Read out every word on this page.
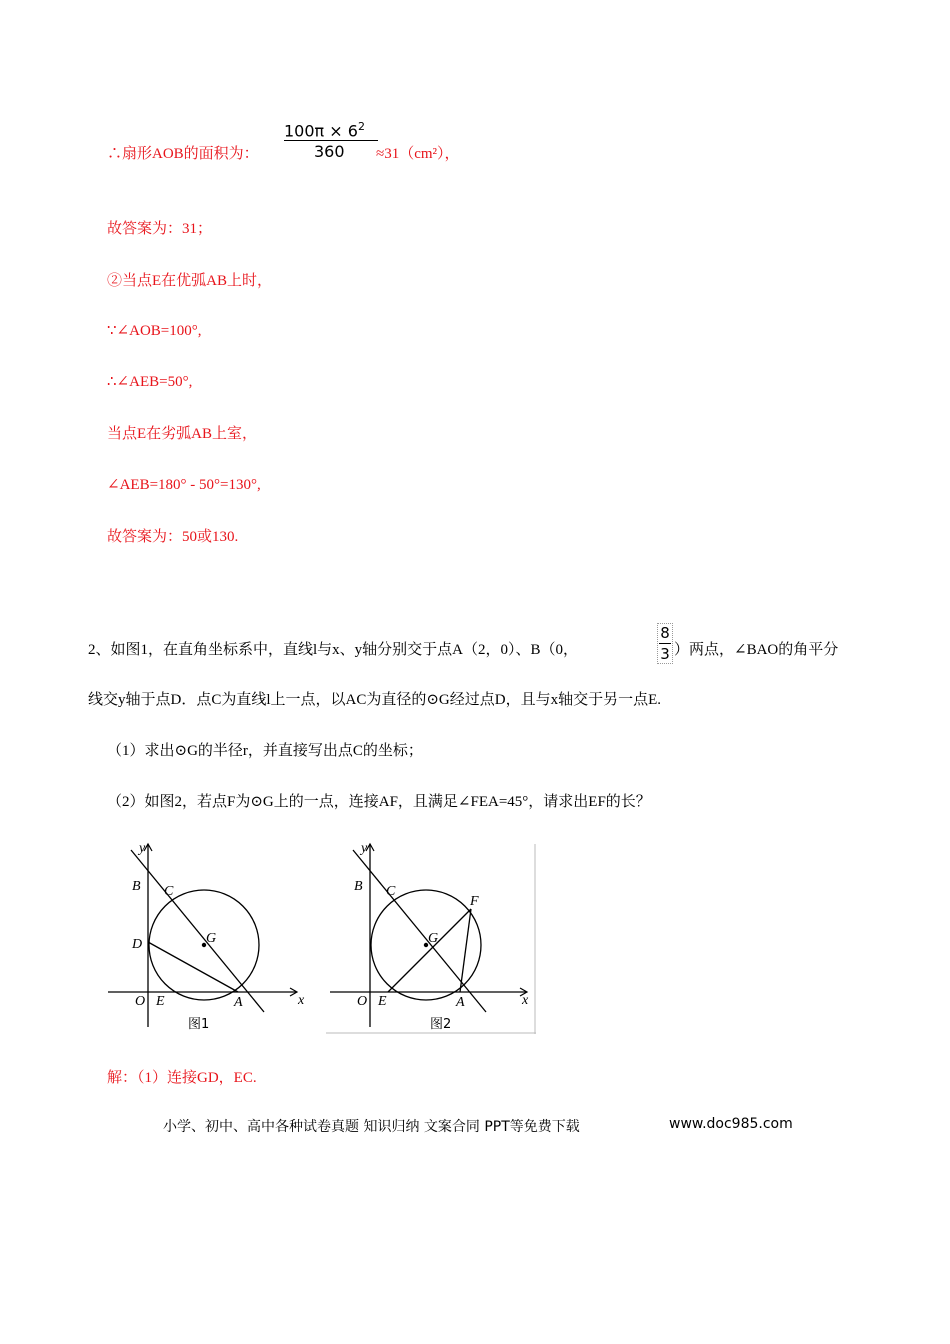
∴扇形AOB的面积为：
$100\pi \times 6^2$
360 ≈31（cm²），
故答案为：31；
②当点E在优弧AB上时，
∵∠AOB=100°,
∴∠AEB=50°,
当点E在劣弧AB上室，
∠AEB=180° - 50°=130°,
故答案为：50或130.
2、如图1，在直角坐标系中，直线l与x、y轴分别交于点A（2，0）、B（0，
8
3 ）两点，∠BAO的角平分
线交y轴于点D．点C为直线l上一点，以AC为直径的⊙G经过点D，且与x轴交于另一点E.
（1）求出⊙G的半径r，并直接写出点C的坐标；
（2）如图2，若点F为⊙G上的一点，连接AF，且满足∠FEA=45°，请求出EF的长？
y
B C
D	G
O E	A	x
图1
y
B C
F
G
O E	A	x
图2
解：（1）连接GD，EC.
小学、初中、高中各种试卷真题 知识归纳 文案合同 PPT等免费下载	www.doc985.com
